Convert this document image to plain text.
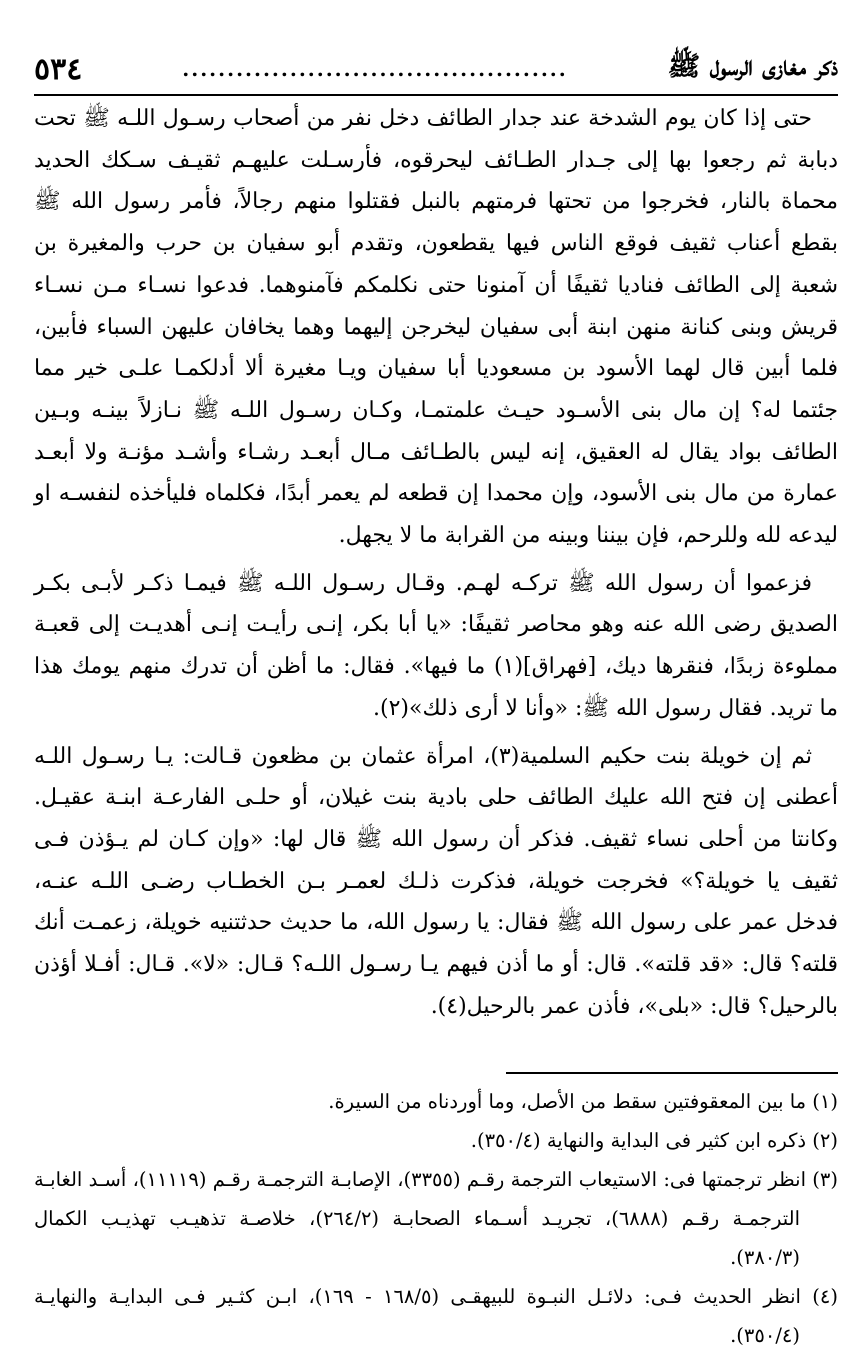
ذكر مغازى الرسول ﷺ
...........................................
٥٣٤

حتى إذا كان يوم الشدخة عند جدار الطائف دخل نفر من أصحاب رسـول اللـه ﷺ تحت دبابة ثم رجعوا بها إلى جـدار الطـائف ليحرقوه، فأرسـلت عليهـم ثقيـف سـكك الحديد محماة بالنار، فخرجوا من تحتها فرمتهم بالنبل فقتلوا منهم رجالاً، فأمر رسول الله ﷺ بقطع أعناب ثقيف فوقع الناس فيها يقطعون، وتقدم أبو سفيان بن حرب والمغيرة بن شعبة إلى الطائف فناديا ثقيفًا أن آمنونا حتى نكلمكم فآمنوهما. فدعوا نسـاء مـن نسـاء قريش وبنى كنانة منهن ابنة أبى سفيان ليخرجن إليهما وهما يخافان عليهن السباء فأبين، فلما أبين قال لهما الأسود بن مسعوديا أبا سفيان ويـا مغيرة ألا أدلكمـا علـى خير مما جئتما له؟ إن مال بنى الأسـود حيـث علمتمـا، وكـان رسـول اللـه ﷺ نـازلاً بينـه وبـين الطائف بواد يقال له العقيق، إنه ليس بالطـائف مـال أبعـد رشـاء وأشـد مؤنـة ولا أبعـد عمارة من مال بنى الأسود، وإن محمدا إن قطعه لم يعمر أبدًا، فكلماه فليأخذه لنفسـه او ليدعه لله وللرحم، فإن بيننا وبينه من القرابة ما لا يجهل.

فزعموا أن رسول الله ﷺ تركـه لهـم. وقـال رسـول اللـه ﷺ فيمـا ذكـر لأبـى بكـر الصديق رضى الله عنه وهو محاصر ثقيفًا: «يا أبا بكر، إنـى رأيـت إنـى أهديـت إلى قعبـة مملوءة زبدًا، فنقرها ديك، [فهراق](١) ما فيها». فقال: ما أظن أن تدرك منهم يومك هذا ما تريد. فقال رسول الله ﷺ: «وأنا لا أرى ذلك»(٢).

ثم إن خويلة بنت حكيم السلمية(٣)، امرأة عثمان بن مظعون قـالت: يـا رسـول اللـه أعطنى إن فتح الله عليك الطائف حلى بادية بنت غيلان، أو حلـى الفارعـة ابنـة عقيـل. وكانتا من أحلى نساء ثقيف. فذكر أن رسول الله ﷺ قال لها: «وإن كـان لم يـؤذن فـى ثقيف يا خويلة؟» فخرجت خويلة، فذكرت ذلـك لعمـر بـن الخطـاب رضـى اللـه عنـه، فدخل عمر على رسول الله ﷺ فقال: يا رسول الله، ما حديث حدثتنيه خويلة، زعمـت أنك قلته؟ قال: «قد قلته». قال: أو ما أذن فيهم يـا رسـول اللـه؟ قـال: «لا». قـال: أفـلا أؤذن بالرحيل؟ قال: «بلى»، فأذن عمر بالرحيل(٤).

(١) ما بين المعقوفتين سقط من الأصل، وما أوردناه من السيرة.

(٢) ذكره ابن كثير فى البداية والنهاية (٣٥٠/٤).

(٣) انظر ترجمتها فى: الاستيعاب الترجمة رقـم (٣٣٥٥)، الإصابـة الترجمـة رقـم (١١١١٩)، أسـد الغابـة الترجمـة رقـم (٦٨٨٨)، تجريـد أسـماء الصحابـة (٢٦٤/٢)، خلاصـة تذهيـب تهذيـب الكمال (٣٨٠/٣).

(٤) انظر الحديث فـى: دلائـل النبـوة للبيهقـى (١٦٨/٥ - ١٦٩)، ابـن كثـير فـى البدايـة والنهايـة (٣٥٠/٤).
